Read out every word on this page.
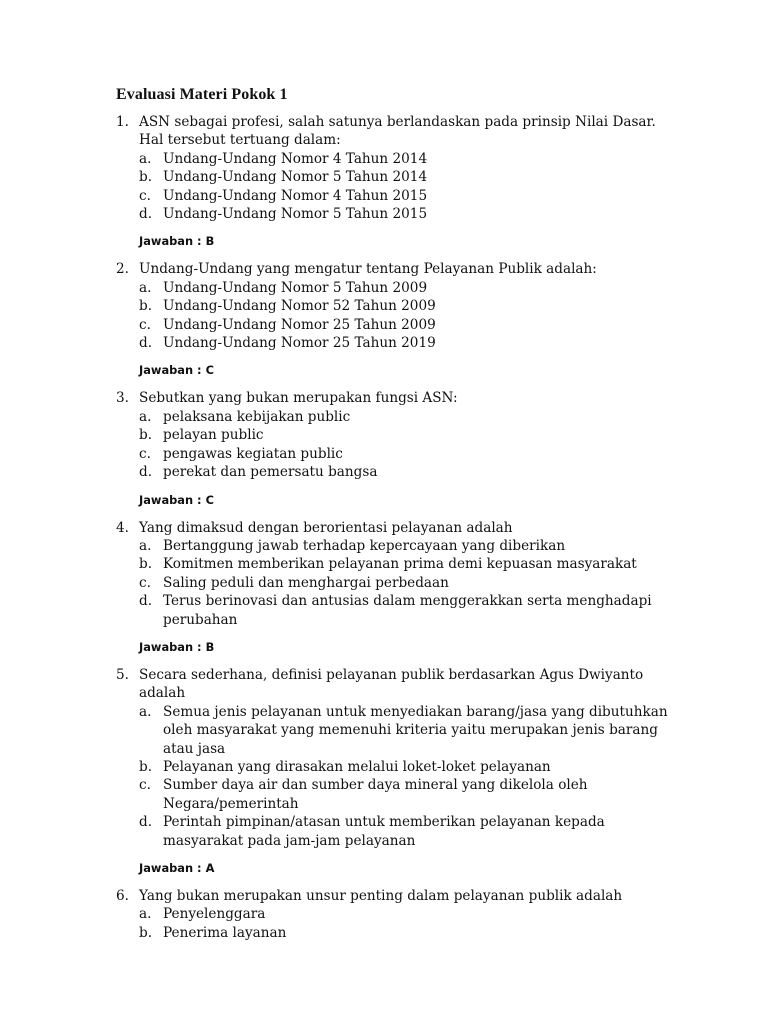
Evaluasi Materi Pokok 1
1. ASN sebagai profesi, salah satunya berlandaskan pada prinsip Nilai Dasar. Hal tersebut tertuang dalam:
a. Undang-Undang Nomor 4 Tahun 2014
b. Undang-Undang Nomor 5 Tahun 2014
c. Undang-Undang Nomor 4 Tahun 2015
d. Undang-Undang Nomor 5 Tahun 2015
Jawaban : B
2. Undang-Undang yang mengatur tentang Pelayanan Publik adalah:
a. Undang-Undang Nomor 5 Tahun 2009
b. Undang-Undang Nomor 52 Tahun 2009
c. Undang-Undang Nomor 25 Tahun 2009
d. Undang-Undang Nomor 25 Tahun 2019
Jawaban : C
3. Sebutkan yang bukan merupakan fungsi ASN:
a. pelaksana kebijakan public
b. pelayan public
c. pengawas kegiatan public
d. perekat dan pemersatu bangsa
Jawaban : C
4. Yang dimaksud dengan berorientasi pelayanan adalah
a. Bertanggung jawab terhadap kepercayaan yang diberikan
b. Komitmen memberikan pelayanan prima demi kepuasan masyarakat
c. Saling peduli dan menghargai perbedaan
d. Terus berinovasi dan antusias dalam menggerakkan serta menghadapi perubahan
Jawaban : B
5. Secara sederhana, definisi pelayanan publik berdasarkan Agus Dwiyanto adalah
a. Semua jenis pelayanan untuk menyediakan barang/jasa yang dibutuhkan oleh masyarakat yang memenuhi kriteria yaitu merupakan jenis barang atau jasa
b. Pelayanan yang dirasakan melalui loket-loket pelayanan
c. Sumber daya air dan sumber daya mineral yang dikelola oleh Negara/pemerintah
d. Perintah pimpinan/atasan untuk memberikan pelayanan kepada masyarakat pada jam-jam pelayanan
Jawaban : A
6. Yang bukan merupakan unsur penting dalam pelayanan publik adalah
a. Penyelenggara
b. Penerima layanan
